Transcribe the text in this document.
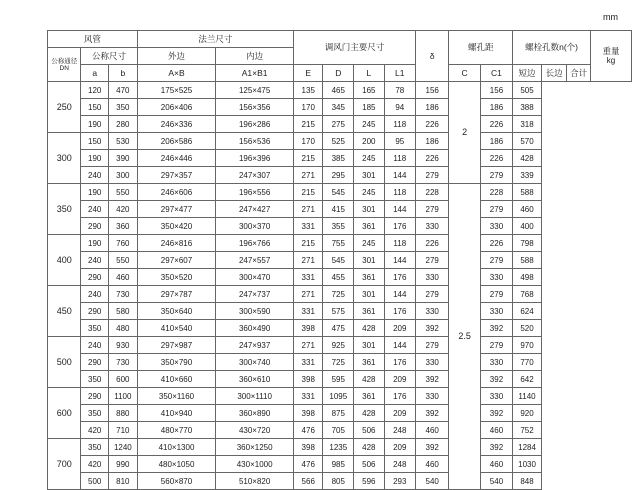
mm
风管			法兰尺寸		调风门主要尺寸				δ	螺孔距		螺栓孔数n(个)			重量
kg
公称通径DN	公称尺寸		外边	内边											
	a	b	A×B	A1×B1	E	D	L	L1		C	C1	短边	长边	合计	
250	120	470	175×525	125×475	135	465	165	78	156	2	156	505			
	150	350	206×406	156×356	170	345	185	94	186		186	388			
	190	280	246×336	196×286	215	275	245	118	226		226	318			
300	150	530	206×586	156×536	170	525	200	95	186		186	570			
	190	390	246×446	196×396	215	385	245	118	226		226	428			
	240	300	297×357	247×307	271	295	301	144	279		279	339			
350	190	550	246×606	196×556	215	545	245	118	228	2.5	228	588			
	240	420	297×477	247×427	271	415	301	144	279		279	460			
	290	360	350×420	300×370	331	355	361	176	330		330	400			
400	190	760	246×816	196×766	215	755	245	118	226		226	798			
	240	550	297×607	247×557	271	545	301	144	279		279	588			
	290	460	350×520	300×470	331	455	361	176	330		330	498			
450	240	730	297×787	247×737	271	725	301	144	279		279	768			
	290	580	350×640	300×590	331	575	361	176	330		330	624			
	350	480	410×540	360×490	398	475	428	209	392		392	520			
500	240	930	297×987	247×937	271	925	301	144	279		279	970			
	290	730	350×790	300×740	331	725	361	176	330		330	770			
	350	600	410×660	360×610	398	595	428	209	392		392	642			
600	290	1100	350×1160	300×1110	331	1095	361	176	330		330	1140			
	350	880	410×940	360×890	398	875	428	209	392		392	920			
	420	710	480×770	430×720	476	705	506	248	460		460	752			
700	350	1240	410×1300	360×1250	398	1235	428	209	392		392	1284			
	420	990	480×1050	430×1000	476	985	506	248	460		460	1030			
	500	810	560×870	510×820	566	805	596	293	540		540	848			
